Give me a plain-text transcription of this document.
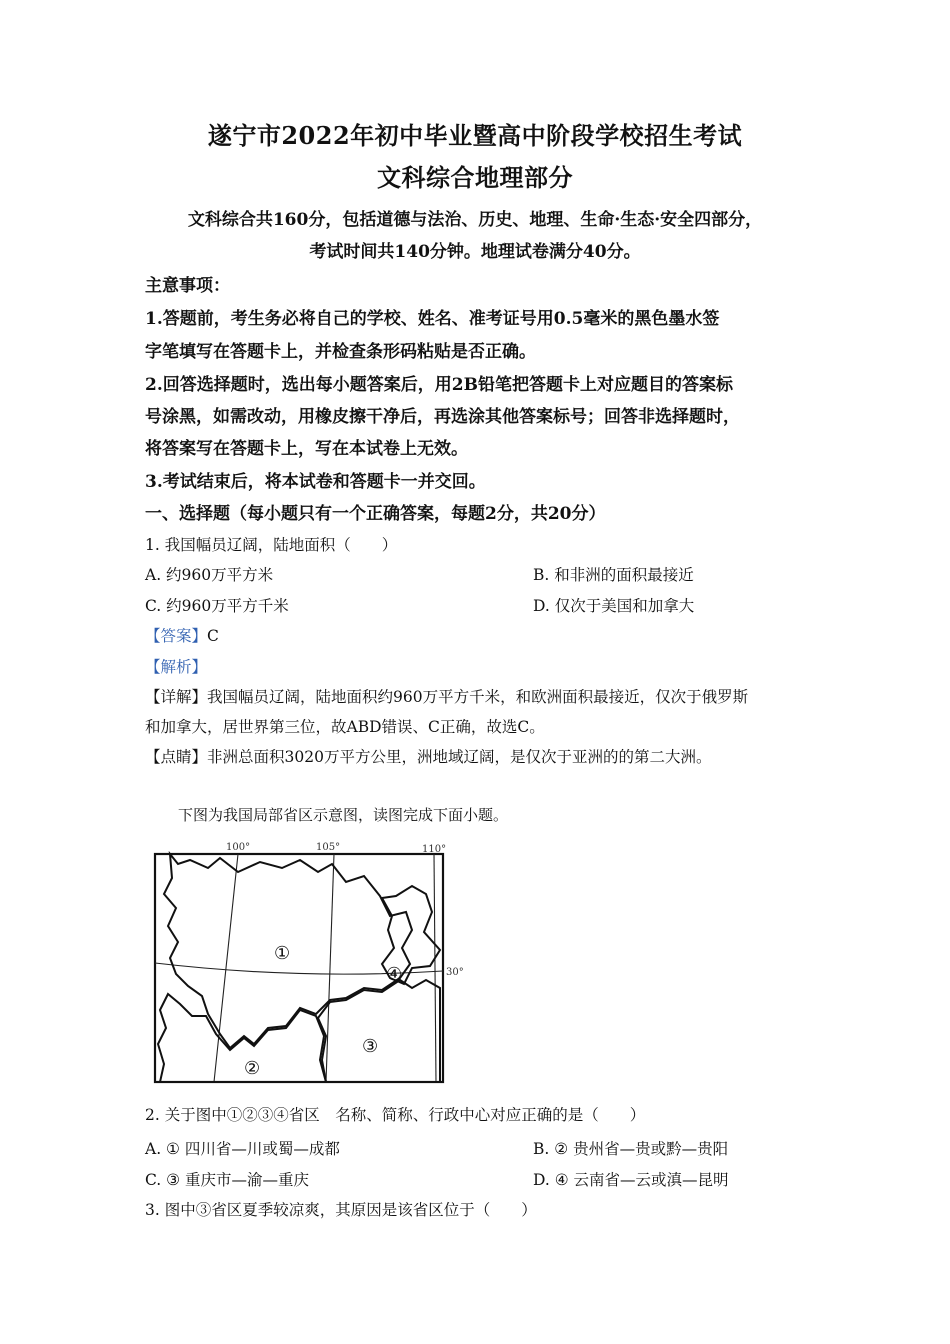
遂宁市2022年初中毕业暨高中阶段学校招生考试
文科综合地理部分
文科综合共160分，包括道德与法治、历史、地理、生命·生态·安全四部分，
考试时间共140分钟。地理试卷满分40分。
主意事项：
1.答题前，考生务必将自己的学校、姓名、准考证号用0.5毫米的黑色墨水签
字笔填写在答题卡上，并检查条形码粘贴是否正确。
2.回答选择题时，选出每小题答案后，用2B铅笔把答题卡上对应题目的答案标
号涂黑，如需改动，用橡皮擦干净后，再选涂其他答案标号；回答非选择题时，
将答案写在答题卡上，写在本试卷上无效。
3.考试结束后，将本试卷和答题卡一并交回。
一、选择题（每小题只有一个正确答案，每题2分，共20分）
1. 我国幅员辽阔，陆地面积（　　）
A. 约960万平方米	B. 和非洲的面积最接近
C. 约960万平方千米	D. 仅次于美国和加拿大
【答案】C
【解析】
【详解】我国幅员辽阔，陆地面积约960万平方千米，和欧洲面积最接近，仅次于俄罗斯
和加拿大，居世界第三位，故ABD错误、C正确，故选C。
【点睛】非洲总面积3020万平方公里，洲地域辽阔，是仅次于亚洲的的第二大洲。
下图为我国局部省区示意图，读图完成下面小题。
100°	105°	110°
30°
①
②
③
④
2. 关于图中①②③④省区　名称、简称、行政中心对应正确的是（　　）
A. ① 四川省—川或蜀—成都	B. ② 贵州省—贵或黔—贵阳
C. ③ 重庆市—渝—重庆	D. ④ 云南省—云或滇—昆明
3. 图中③省区夏季较凉爽，其原因是该省区位于（　　）
